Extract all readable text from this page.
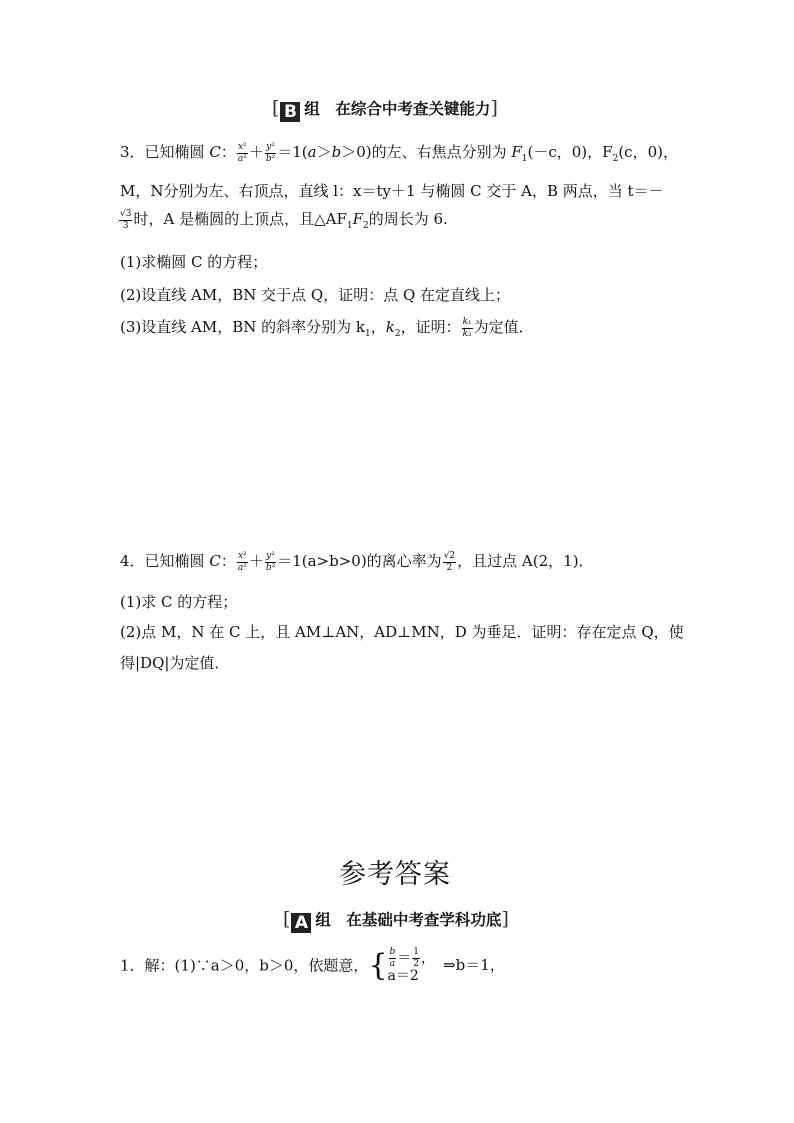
[ B 组　在综合中考查关键能力]
3．已知椭圆 C： $\frac{\text{x²}}{\text{a²}} + \frac{\text{y²}}{\text{b²}} =1(a>b>0)$的左、右焦点分别为 $F_1(-c$，0)，$F_2(c$，0)，
M，N分别为左、右顶点，直线 l：x＝ty＋1 与椭圆 C 交于 A，B 两点，当 t＝－
$\frac{√3}{3}$ 时，A 是椭圆的上顶点，且$\triangle AF_1F_2$的周长为 6.
(1)求椭圆 C 的方程；
(2)设直线 AM，BN 交于点 Q，证明：点 Q 在定直线上；
(3)设直线 AM，BN 的斜率分别为 $k_1$，$k_2$，证明： $\frac{\text{k₁}}{\text{k₂}}$ 为定值．
4．已知椭圆 C： $\frac{\text{x²}}{\text{a²}} + \frac{\text{y²}}{\text{b²}} =1(a>b>0)$的离心率为 $\frac{√2}{2}$ ，且过点 A(2，1)．
(1)求 C 的方程；
(2)点 M，N 在 C 上，且 AM⊥AN，AD⊥MN，D 为垂足．证明：存在定点 Q，使
得|DQ|为定值．
参考答案
[ A 组　在基础中考查学科功底]
1．解：(1)∵a＞0，b＞0，依题意，{ $\frac{b}{a} = \frac{1}{2}$ ，
a＝2
⇒b＝1，
